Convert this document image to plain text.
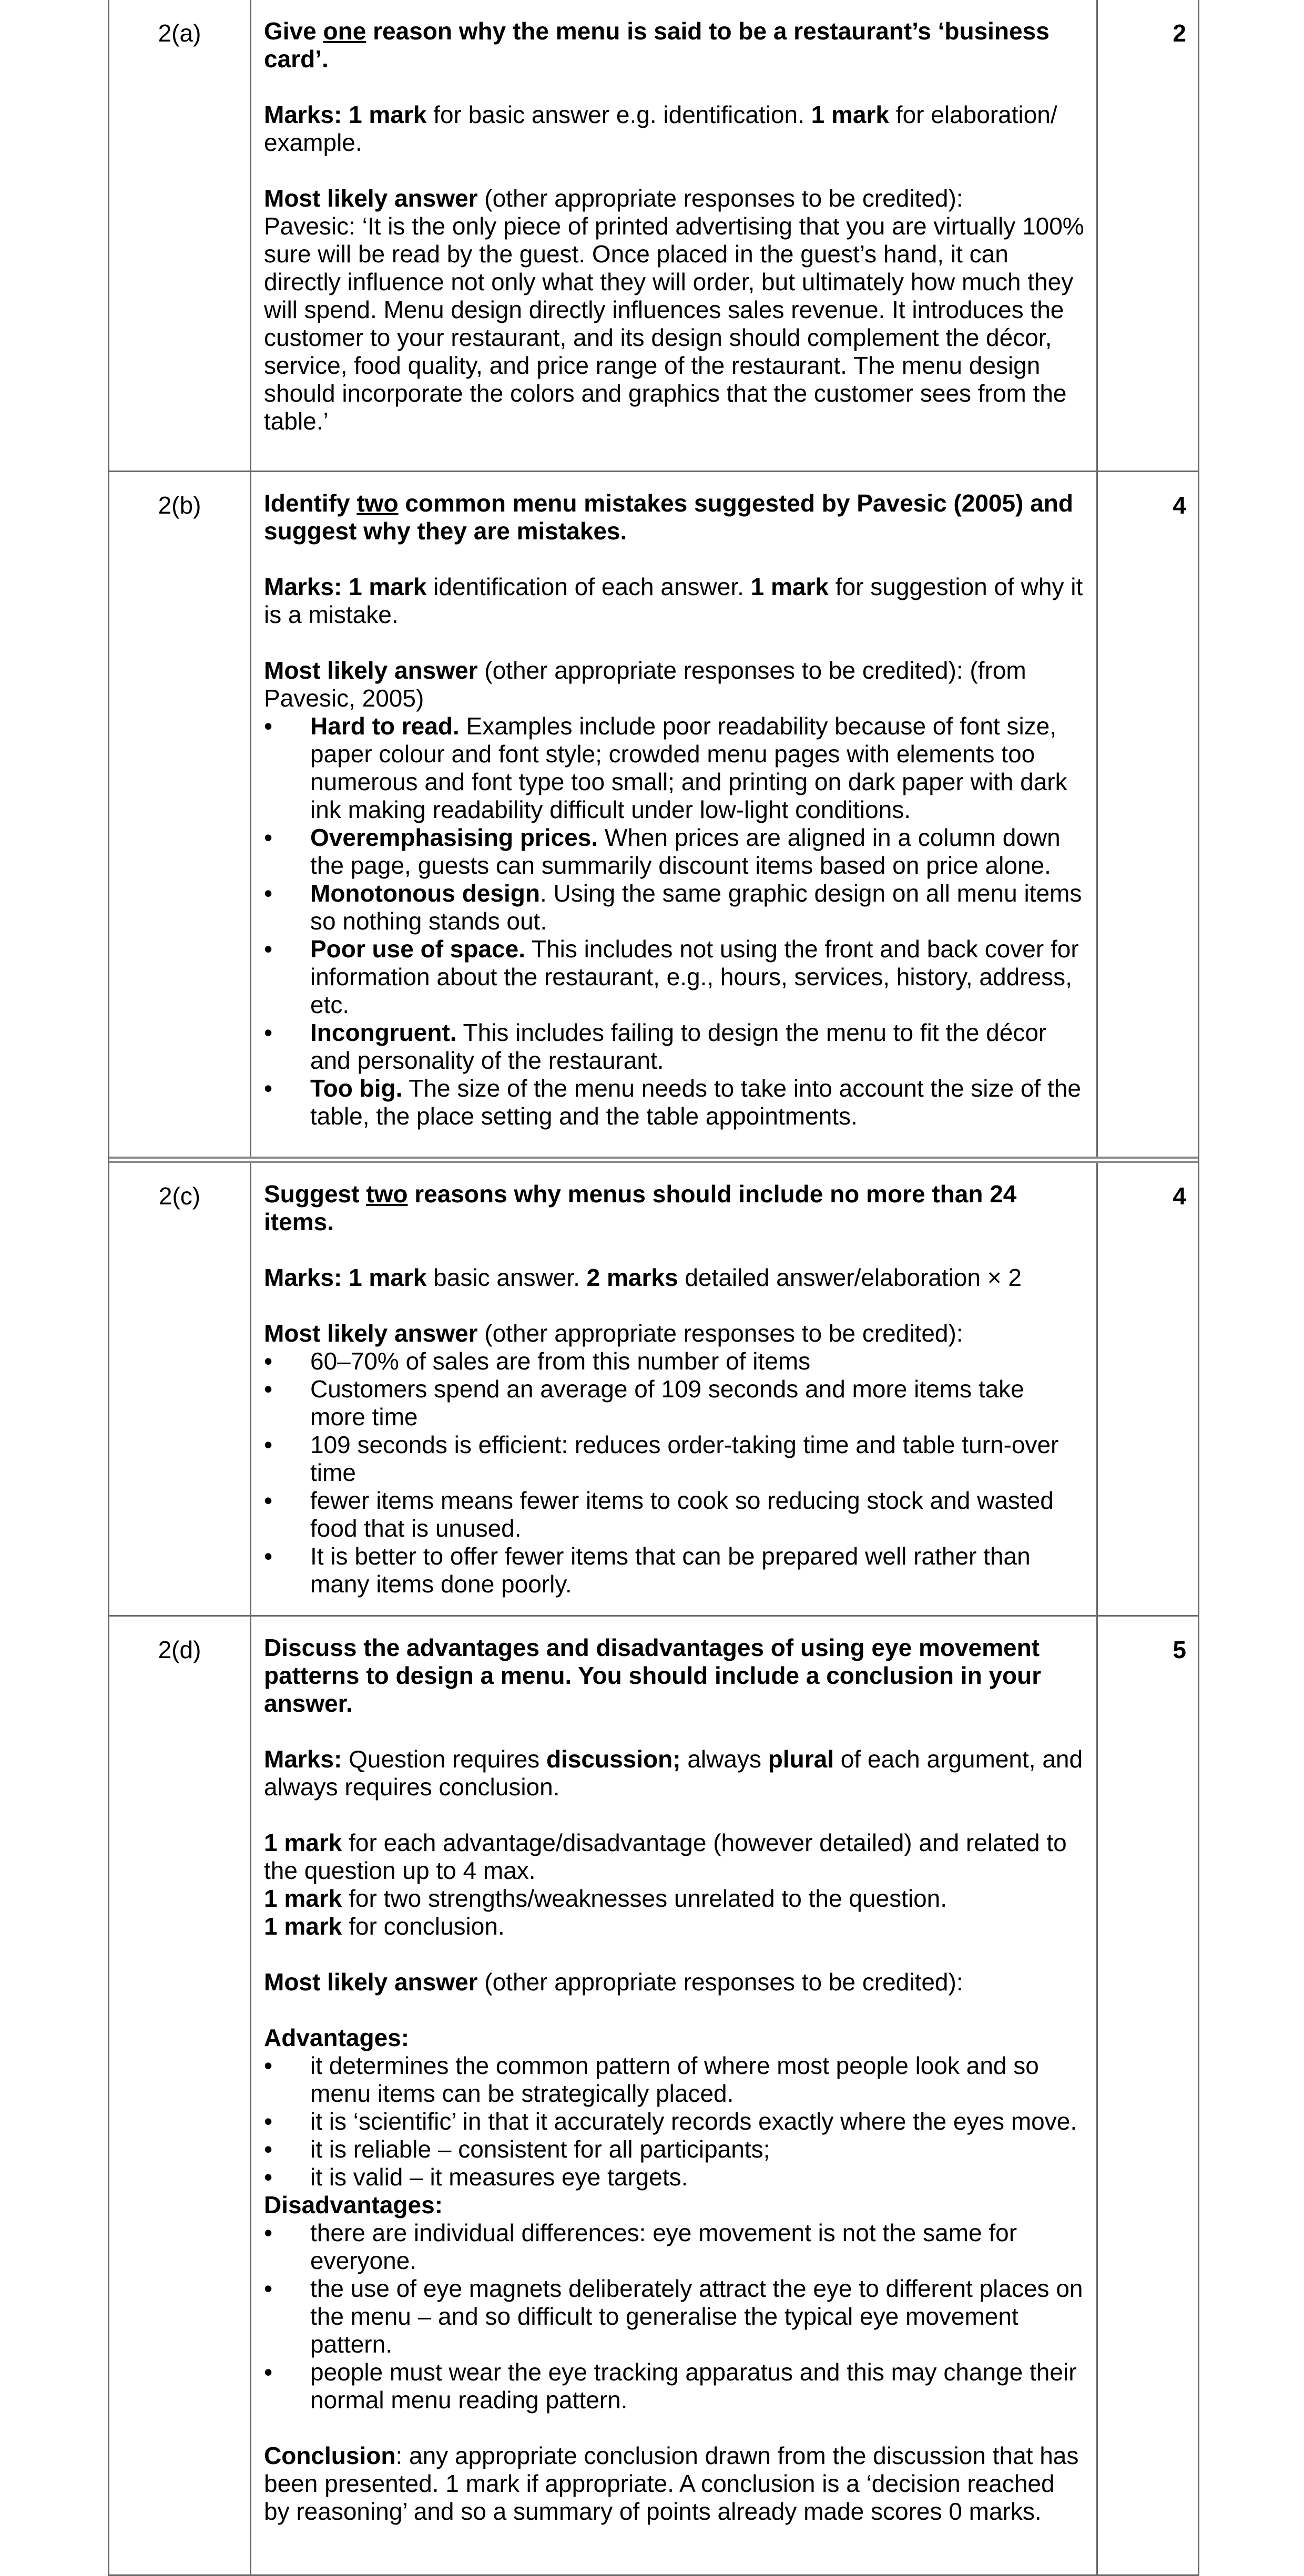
2(a)	Give one reason why the menu is said to be a restaurant’s ‘business card’.

Marks: 1 mark for basic answer e.g. identification. 1 mark for elaboration/ example.

Most likely answer (other appropriate responses to be credited):

Pavesic: ‘It is the only piece of printed advertising that you are virtually 100% sure will be read by the guest. Once placed in the guest’s hand, it can directly influence not only what they will order, but ultimately how much they will spend. Menu design directly influences sales revenue. It introduces the customer to your restaurant, and its design should complement the décor, service, food quality, and price range of the restaurant. The menu design should incorporate the colors and graphics that the customer sees from the table.’

2
2(b)	Identify two common menu mistakes suggested by Pavesic (2005) and suggest why they are mistakes.

Marks: 1 mark identification of each answer. 1 mark for suggestion of why it is a mistake.

Most likely answer (other appropriate responses to be credited): (from Pavesic, 2005)

• Hard to read. Examples include poor readability because of font size, paper colour and font style; crowded menu pages with elements too numerous and font type too small; and printing on dark paper with dark ink making readability difficult under low-light conditions.
• Overemphasising prices. When prices are aligned in a column down the page, guests can summarily discount items based on price alone.
• Monotonous design. Using the same graphic design on all menu items so nothing stands out.
• Poor use of space. This includes not using the front and back cover for information about the restaurant, e.g., hours, services, history, address, etc.
• Incongruent. This includes failing to design the menu to fit the décor and personality of the restaurant.
• Too big. The size of the menu needs to take into account the size of the table, the place setting and the table appointments.
4
2(c)	Suggest two reasons why menus should include no more than 24 items.

Marks: 1 mark basic answer. 2 marks detailed answer/elaboration × 2

Most likely answer (other appropriate responses to be credited):

• 60–70% of sales are from this number of items
• Customers spend an average of 109 seconds and more items take more time
• 109 seconds is efficient: reduces order-taking time and table turn-over time
• fewer items means fewer items to cook so reducing stock and wasted food that is unused.
• It is better to offer fewer items that can be prepared well rather than many items done poorly.
4
2(d)	Discuss the advantages and disadvantages of using eye movement patterns to design a menu. You should include a conclusion in your answer.

Marks: Question requires discussion; always plural of each argument, and always requires conclusion.

1 mark for each advantage/disadvantage (however detailed) and related to the question up to 4 max.

1 mark for two strengths/weaknesses unrelated to the question.

1 mark for conclusion.

Most likely answer (other appropriate responses to be credited):

Advantages:

• it determines the common pattern of where most people look and so menu items can be strategically placed.
• it is ‘scientific’ in that it accurately records exactly where the eyes move.
• it is reliable – consistent for all participants;
• it is valid – it measures eye targets.

Disadvantages:

• there are individual differences: eye movement is not the same for everyone.
• the use of eye magnets deliberately attract the eye to different places on the menu – and so difficult to generalise the typical eye movement pattern.
• people must wear the eye tracking apparatus and this may change their normal menu reading pattern.

Conclusion: any appropriate conclusion drawn from the discussion that has been presented. 1 mark if appropriate. A conclusion is a ‘decision reached by reasoning’ and so a summary of points already made scores 0 marks.

5
